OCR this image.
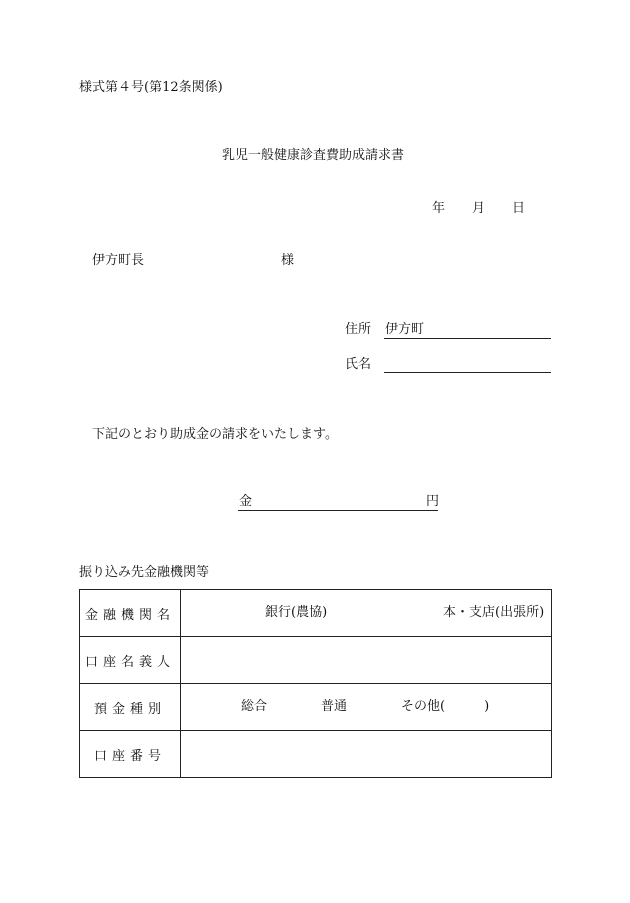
様式第４号(第12条関係)
乳児一般健康診査費助成請求書
年 月 日
伊方町長	様
住所 伊方町
氏名
下記のとおり助成金の請求をいたします。
金	円
振り込み先金融機関等
金融機関名	銀行(農協) 本・支店(出張所)

口座名義人	

預金種別	総合 普通 その他(　　　)

口座番号	
